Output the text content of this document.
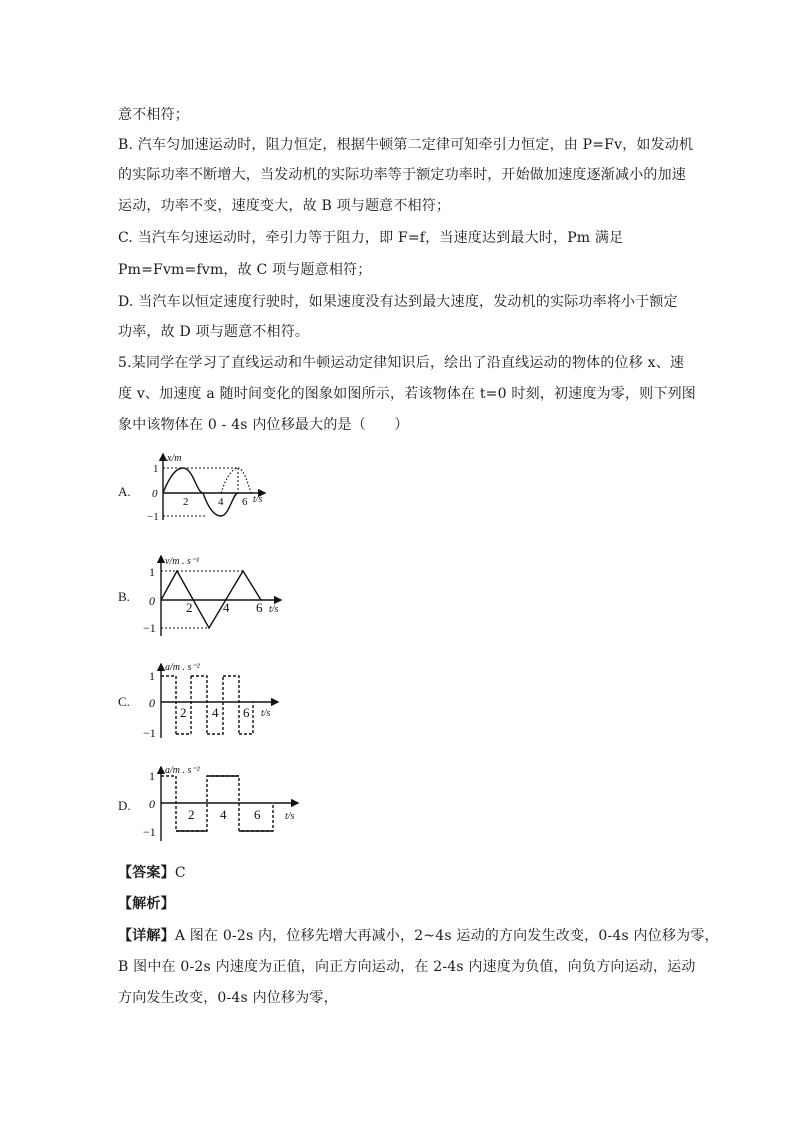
意不相符；
B. 汽车匀加速运动时，阻力恒定，根据牛顿第二定律可知牵引力恒定，由 P=Fv，如发动机
的实际功率不断增大，当发动机的实际功率等于额定功率时，开始做加速度逐渐减小的加速
运动，功率不变，速度变大，故 B 项与题意不相符；
C. 当汽车匀速运动时，牵引力等于阻力，即 F=f，当速度达到最大时，Pm 满足
Pm=Fvm=fvm，故 C 项与题意相符；
D. 当汽车以恒定速度行驶时，如果速度没有达到最大速度，发动机的实际功率将小于额定
功率，故 D 项与题意不相符。
5.某同学在学习了直线运动和牛顿运动定律知识后，绘出了沿直线运动的物体的位移 x、速
度 v、加速度 a 随时间变化的图象如图所示，若该物体在 t=0 时刻，初速度为零，则下列图
象中该物体在 0 - 4s 内位移最大的是（　　）
A.
x/m
1
0
−1
2	4 6 t/s
B.
v/m . s⁻¹
1
0
−1
2 4 6 t/s
C.
a/m . s⁻²
1
0
−1
2 4 6 t/s
D.
a/m . s⁻²
1
0
−1
2 4 6 t/s
【答案】C
【解析】
【详解】A 图在 0-2s 内，位移先增大再减小，2~4s 运动的方向发生改变，0-4s 内位移为零，
B 图中在 0-2s 内速度为正值，向正方向运动，在 2-4s 内速度为负值，向负方向运动，运动
方向发生改变，0-4s 内位移为零，
